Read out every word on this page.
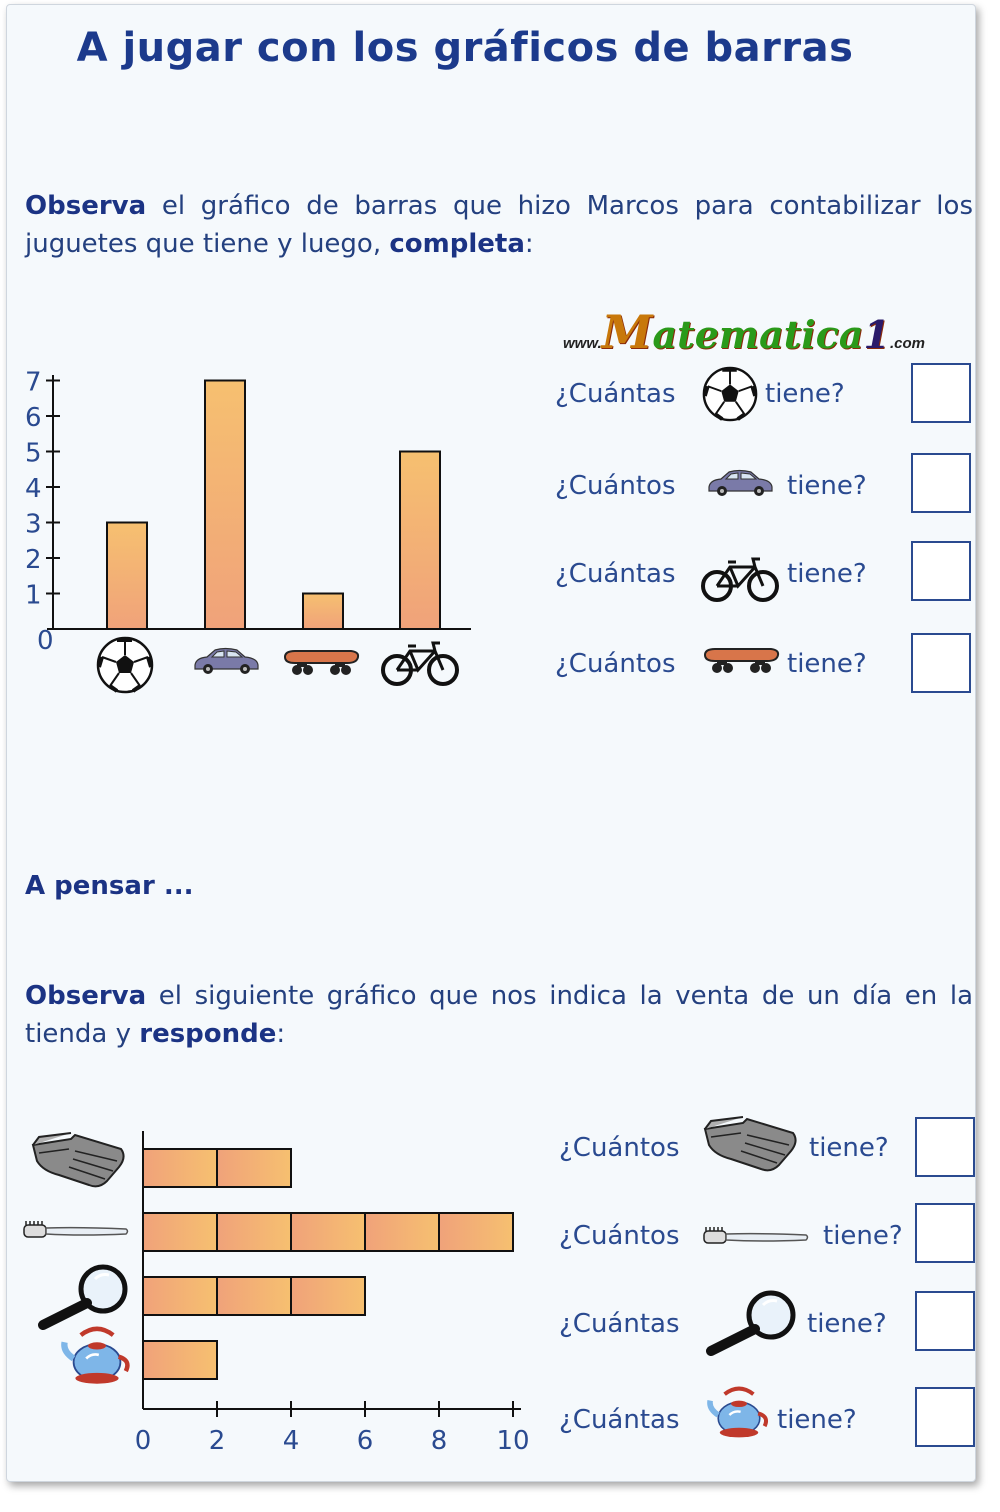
A jugar con los gráficos de barras
Observa el gráfico de barras que hizo Marcos para contabilizar los juguetes que tiene y luego, completa:
www.Matematica1.com
0
1
2
3
4
5
6
7	¿Cuántas	tiene?
¿Cuántos	tiene?
¿Cuántas	tiene?
¿Cuántos	tiene?
A pensar ...
Observa el siguiente gráfico que nos indica la venta de un día en la tienda y responde:
0 2 4 6 8 10
¿Cuántos	tiene?
¿Cuántos	tiene?
¿Cuántas	tiene?
¿Cuántas	tiene?
